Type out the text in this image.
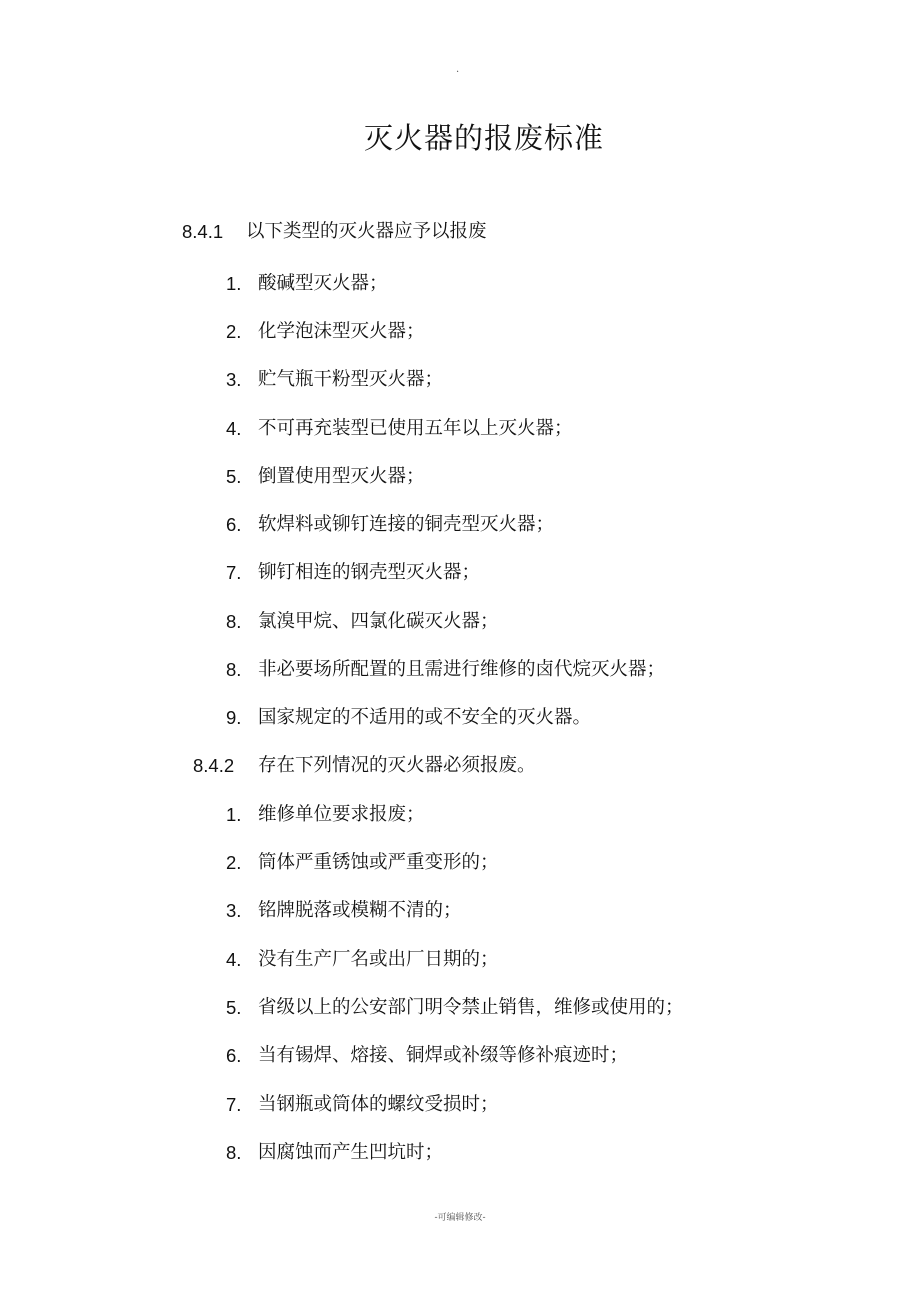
.
灭火器的报废标准
8.4.1 以下类型的灭火器应予以报废
1. 酸碱型灭火器；
2. 化学泡沫型灭火器；
3. 贮气瓶干粉型灭火器；
4. 不可再充装型已使用五年以上灭火器；
5. 倒置使用型灭火器；
6. 软焊料或铆钉连接的铜壳型灭火器；
7. 铆钉相连的钢壳型灭火器；
8. 氯溴甲烷、四氯化碳灭火器；
8. 非必要场所配置的且需进行维修的卤代烷灭火器；
9. 国家规定的不适用的或不安全的灭火器。
8.4.2 存在下列情况的灭火器必须报废。
1. 维修单位要求报废；
2. 筒体严重锈蚀或严重变形的；
3. 铭牌脱落或模糊不清的；
4. 没有生产厂名或出厂日期的；
5. 省级以上的公安部门明令禁止销售，维修或使用的；
6. 当有锡焊、熔接、铜焊或补缀等修补痕迹时；
7. 当钢瓶或筒体的螺纹受损时；
8. 因腐蚀而产生凹坑时；
-可编辑修改-
